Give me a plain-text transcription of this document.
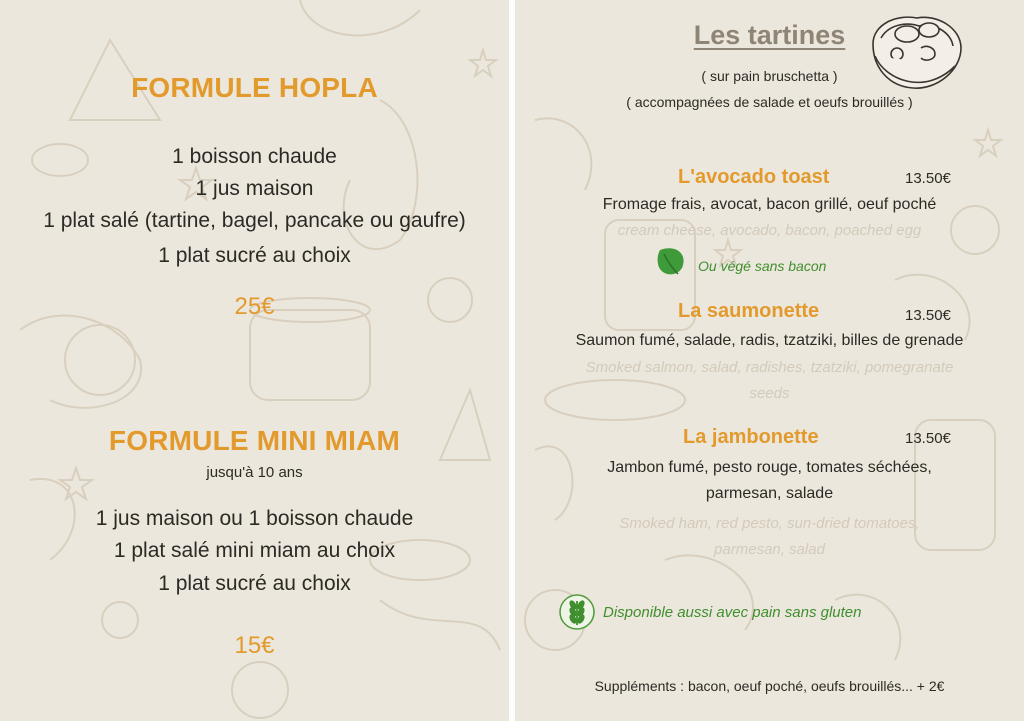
FORMULE HOPLA
1 boisson chaude
1 jus maison
1 plat salé (tartine, bagel, pancake ou gaufre)
1 plat sucré au choix
25€
FORMULE MINI MIAM
jusqu'à 10 ans
1 jus maison ou 1 boisson chaude
1 plat salé mini miam au choix
1 plat sucré au choix
15€
Les tartines
( sur pain bruschetta )
( accompagnées de salade et oeufs brouillés )
L'avocado toast	13.50€
Fromage frais, avocat, bacon grillé, oeuf poché
cream cheese, avocado, bacon, poached egg
Ou végé sans bacon
La saumonette	13.50€
Saumon fumé, salade, radis, tzatziki, billes de grenade
Smoked salmon, salad, radishes, tzatziki, pomegranate
seeds
La jambonette	13.50€
Jambon fumé, pesto rouge, tomates séchées,
parmesan, salade
Smoked ham, red pesto, sun-dried tomatoes,
parmesan, salad
Disponible aussi avec pain sans gluten
Suppléments : bacon, oeuf poché, oeufs brouillés... + 2€
